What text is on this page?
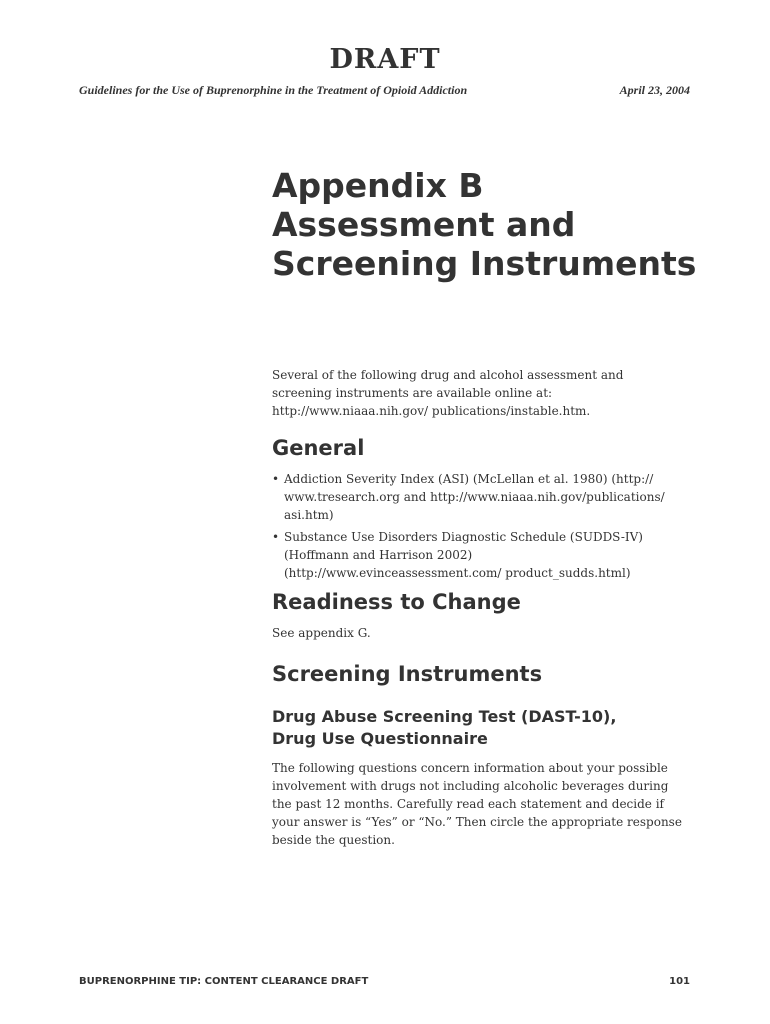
DRAFT
Guidelines for the Use of Buprenorphine in the Treatment of Opioid Addiction	April 23, 2004
Appendix B
Assessment and
Screening Instruments

Several of the following drug and alcohol assessment and screening instruments are available online at: http://www.niaaa.nih.gov/ publications/instable.htm.

General
• Addiction Severity Index (ASI) (McLellan et al. 1980) (http:// www.tresearch.org and http://www.niaaa.nih.gov/publications/ asi.htm)
• Substance Use Disorders Diagnostic Schedule (SUDDS-IV) (Hoffmann and Harrison 2002) (http://www.evinceassessment.com/ product_sudds.html)
Readiness to Change

See appendix G.

Screening Instruments
Drug Abuse Screening Test (DAST-10),
Drug Use Questionnaire

The following questions concern information about your possible involvement with drugs not including alcoholic beverages during the past 12 months. Carefully read each statement and decide if your answer is “Yes” or “No.” Then circle the appropriate response beside the question.

BUPRENORPHINE TIP: CONTENT CLEARANCE DRAFT	101
